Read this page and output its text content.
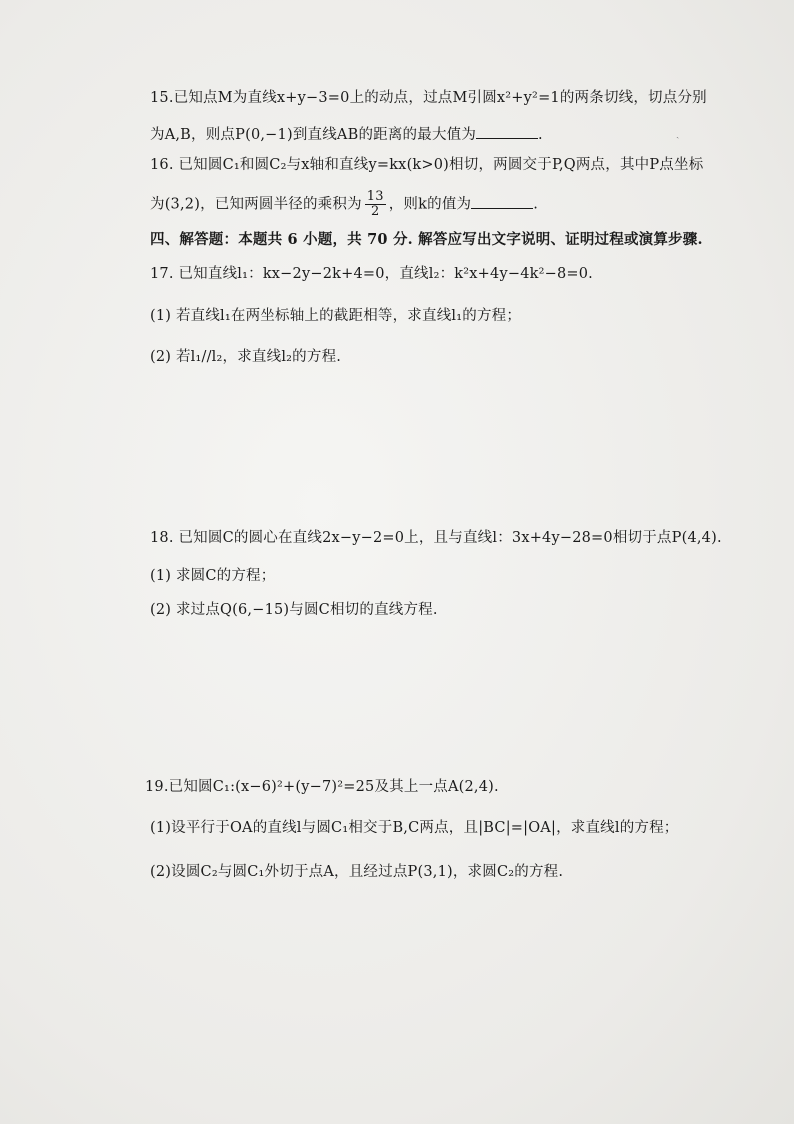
15.已知点M为直线x+y−3=0上的动点，过点M引圆x²+y²=1的两条切线，切点分别
为A,B，则点P(0,−1)到直线AB的距离的最大值为	.
16. 已知圆C₁和圆C₂与x轴和直线y=kx(k>0)相切，两圆交于P,Q两点，其中P点坐标
为(3,2)，已知两圆半径的乘积为 $\frac{13}{2}$ ，则k的值为	.
四、解答题：本题共 6 小题，共 70 分. 解答应写出文字说明、证明过程或演算步骤.
17. 已知直线l₁：kx−2y−2k+4=0，直线l₂：k²x+4y−4k²−8=0.
(1) 若直线l₁在两坐标轴上的截距相等，求直线l₁的方程；
(2) 若l₁//l₂，求直线l₂的方程.
18. 已知圆C的圆心在直线2x−y−2=0上，且与直线l：3x+4y−28=0相切于点P(4,4).
(1) 求圆C的方程；
(2) 求过点Q(6,−15)与圆C相切的直线方程.
19.已知圆C₁:(x−6)²+(y−7)²=25及其上一点A(2,4).
(1)设平行于OA的直线l与圆C₁相交于B,C两点，且|BC|=|OA|，求直线l的方程；
(2)设圆C₂与圆C₁外切于点A，且经过点P(3,1)，求圆C₂的方程.
ˏ
